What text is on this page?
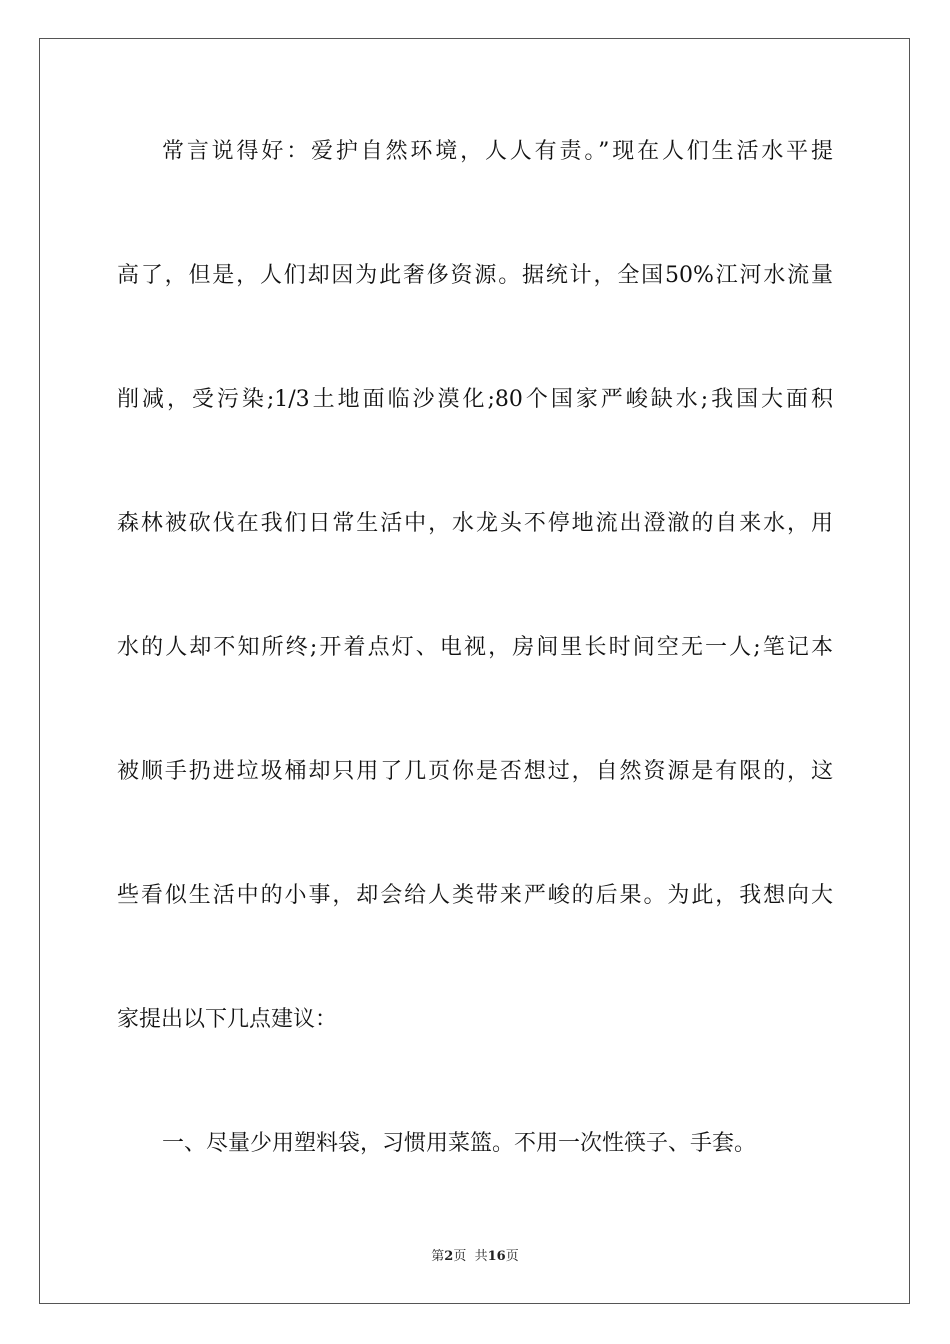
常言说得好：爱护自然环境，人人有责。”现在人们生活水平提
高了，但是，人们却因为此奢侈资源。据统计，全国50%江河水流量
削减，受污染;1/3土地面临沙漠化;80个国家严峻缺水;我国大面积
森林被砍伐在我们日常生活中，水龙头不停地流出澄澈的自来水，用
水的人却不知所终;开着点灯、电视，房间里长时间空无一人;笔记本
被顺手扔进垃圾桶却只用了几页你是否想过，自然资源是有限的，这
些看似生活中的小事，却会给人类带来严峻的后果。为此，我想向大
家提出以下几点建议：
一、尽量少用塑料袋，习惯用菜篮。不用一次性筷子、手套。
第2页  共16页
